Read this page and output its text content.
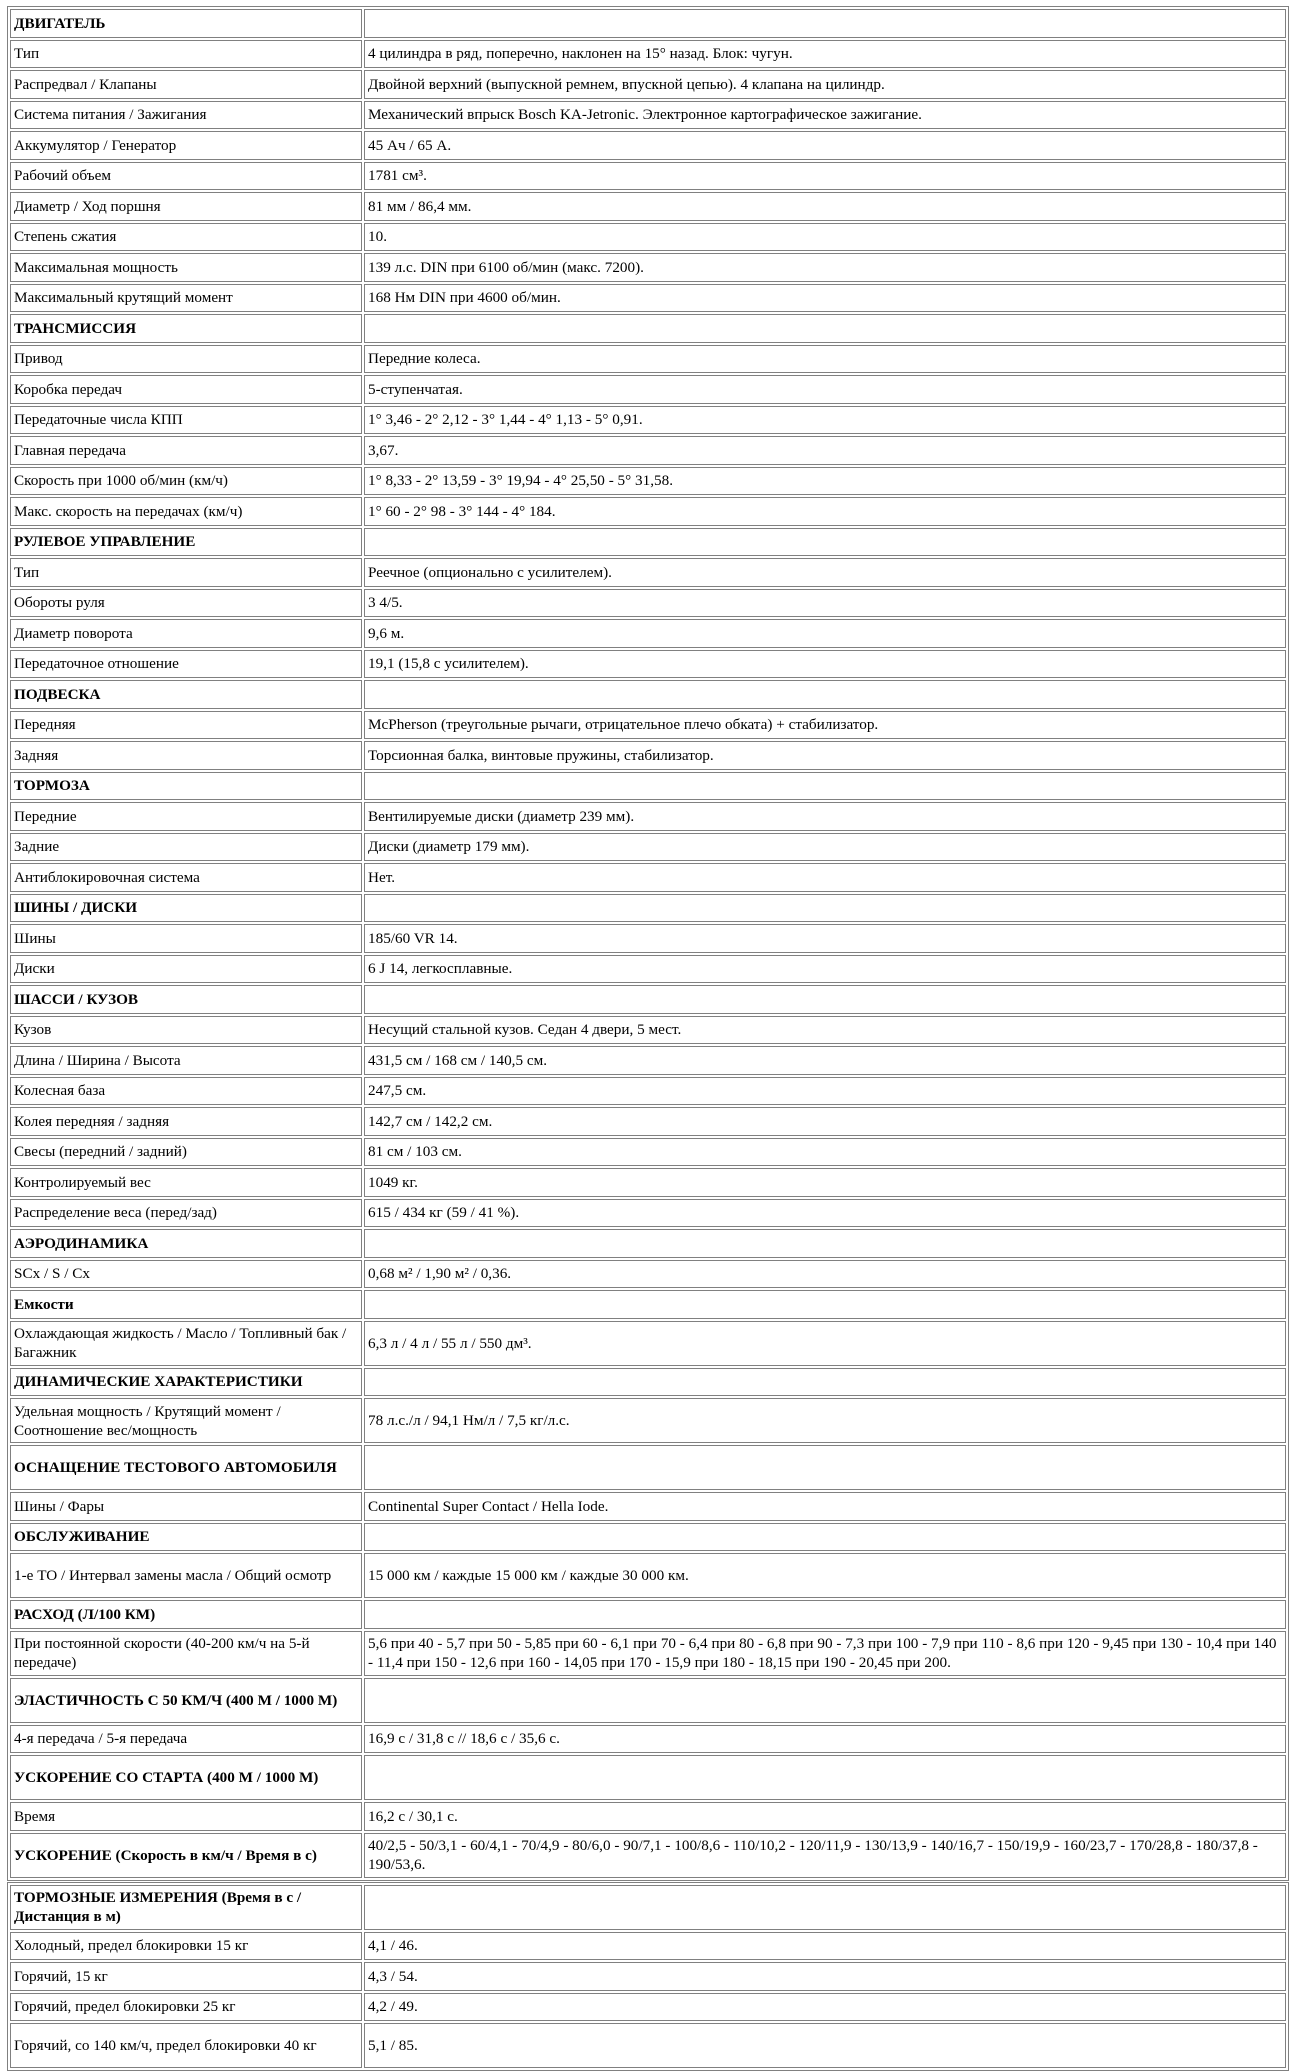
ДВИГАТЕЛЬ	
Тип	4 цилиндра в ряд, поперечно, наклонен на 15° назад. Блок: чугун.
Распредвал / Клапаны	Двойной верхний (выпускной ремнем, впускной цепью). 4 клапана на цилиндр.
Система питания / Зажигания	Механический впрыск Bosch KA-Jetronic. Электронное картографическое зажигание.
Аккумулятор / Генератор	45 Ач / 65 А.
Рабочий объем	1781 см³.
Диаметр / Ход поршня	81 мм / 86,4 мм.
Степень сжатия	10.
Максимальная мощность	139 л.с. DIN при 6100 об/мин (макс. 7200).
Максимальный крутящий момент	168 Нм DIN при 4600 об/мин.
ТРАНСМИССИЯ	
Привод	Передние колеса.
Коробка передач	5-ступенчатая.
Передаточные числа КПП	1° 3,46 - 2° 2,12 - 3° 1,44 - 4° 1,13 - 5° 0,91.
Главная передача	3,67.
Скорость при 1000 об/мин (км/ч)	1° 8,33 - 2° 13,59 - 3° 19,94 - 4° 25,50 - 5° 31,58.
Макс. скорость на передачах (км/ч)	1° 60 - 2° 98 - 3° 144 - 4° 184.
РУЛЕВОЕ УПРАВЛЕНИЕ	
Тип	Реечное (опционально с усилителем).
Обороты руля	3 4/5.
Диаметр поворота	9,6 м.
Передаточное отношение	19,1 (15,8 с усилителем).
ПОДВЕСКА	
Передняя	McPherson (треугольные рычаги, отрицательное плечо обката) + стабилизатор.
Задняя	Торсионная балка, винтовые пружины, стабилизатор.
ТОРМОЗА	
Передние	Вентилируемые диски (диаметр 239 мм).
Задние	Диски (диаметр 179 мм).
Антиблокировочная система	Нет.
ШИНЫ / ДИСКИ	
Шины	185/60 VR 14.
Диски	6 J 14, легкосплавные.
ШАССИ / КУЗОВ	
Кузов	Несущий стальной кузов. Седан 4 двери, 5 мест.
Длина / Ширина / Высота	431,5 см / 168 см / 140,5 см.
Колесная база	247,5 см.
Колея передняя / задняя	142,7 см / 142,2 см.
Свесы (передний / задний)	81 см / 103 см.
Контролируемый вес	1049 кг.
Распределение веса (перед/зад)	615 / 434 кг (59 / 41 %).
АЭРОДИНАМИКА	
SCx / S / Cx	0,68 м² / 1,90 м² / 0,36.
Емкости	
Охлаждающая жидкость / Масло / Топливный бак / Багажник	6,3 л / 4 л / 55 л / 550 дм³.
ДИНАМИЧЕСКИЕ ХАРАКТЕРИСТИКИ	
Удельная мощность / Крутящий момент / Соотношение вес/мощность	78 л.с./л / 94,1 Нм/л / 7,5 кг/л.с.
ОСНАЩЕНИЕ ТЕСТОВОГО АВТОМОБИЛЯ	
Шины / Фары	Continental Super Contact / Hella Iode.
ОБСЛУЖИВАНИЕ	
1-е ТО / Интервал замены масла / Общий осмотр	15 000 км / каждые 15 000 км / каждые 30 000 км.
РАСХОД (Л/100 КМ)	
При постоянной скорости (40-200 км/ч на 5-й передаче)	5,6 при 40 - 5,7 при 50 - 5,85 при 60 - 6,1 при 70 - 6,4 при 80 - 6,8 при 90 - 7,3 при 100 - 7,9 при 110 - 8,6 при 120 - 9,45 при 130 - 10,4 при 140 - 11,4 при 150 - 12,6 при 160 - 14,05 при 170 - 15,9 при 180 - 18,15 при 190 - 20,45 при 200.
ЭЛАСТИЧНОСТЬ С 50 КМ/Ч (400 М / 1000 М)	
4-я передача / 5-я передача	16,9 с / 31,8 с // 18,6 с / 35,6 с.
УСКОРЕНИЕ СО СТАРТА (400 М / 1000 М)	
Время	16,2 с / 30,1 с.
УСКОРЕНИЕ (Скорость в км/ч / Время в с)	40/2,5 - 50/3,1 - 60/4,1 - 70/4,9 - 80/6,0 - 90/7,1 - 100/8,6 - 110/10,2 - 120/11,9 - 130/13,9 - 140/16,7 - 150/19,9 - 160/23,7 - 170/28,8 - 180/37,8 - 190/53,6.
ТОРМОЗНЫЕ ИЗМЕРЕНИЯ (Время в с / Дистанция в м)	
Холодный, предел блокировки 15 кг	4,1 / 46.
Горячий, 15 кг	4,3 / 54.
Горячий, предел блокировки 25 кг	4,2 / 49.
Горячий, со 140 км/ч, предел блокировки 40 кг	5,1 / 85.
